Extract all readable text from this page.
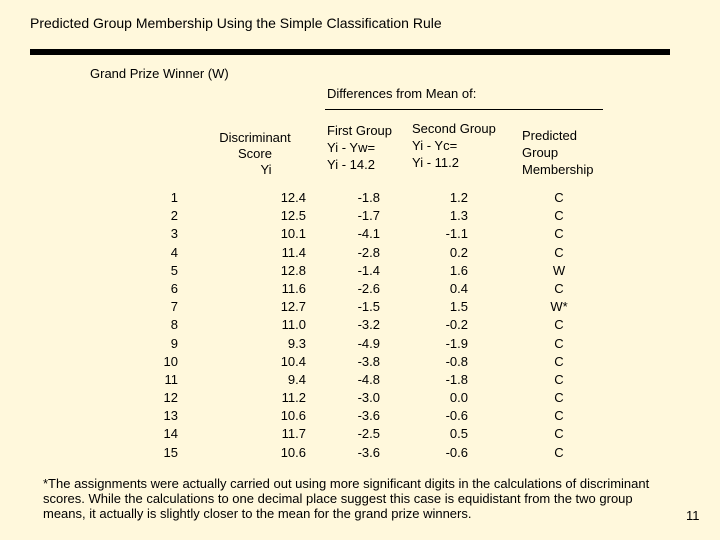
Predicted Group Membership Using the Simple Classification Rule
Grand Prize Winner (W)
Discriminant
Score
Yi
Differences from Mean of:
First Group
Yi - Yw=
Yi - 14.2
Second Group
Yi - Yc=
Yi - 11.2
Predicted
Group
Membership
1
2
3
4
5
6
7
8
9
10
11
12
13
14
15
12.4
12.5
10.1
11.4
12.8
11.6
12.7
11.0
9.3
10.4
9.4
11.2
10.6
11.7
10.6
-1.8
-1.7
-4.1
-2.8
-1.4
-2.6
-1.5
-3.2
-4.9
-3.8
-4.8
-3.0
-3.6
-2.5
-3.6
1.2
1.3
-1.1
0.2
1.6
0.4
1.5
-0.2
-1.9
-0.8
-1.8
0.0
-0.6
0.5
-0.6
C
C
C
C
W
C
W*
C
C
C
C
C
C
C
C
*The assignments were actually carried out using more significant digits in the calculations of discriminant scores. While the calculations to one decimal place suggest this case is equidistant from the two group means, it actually is slightly closer to the mean for the grand prize winners.	11
